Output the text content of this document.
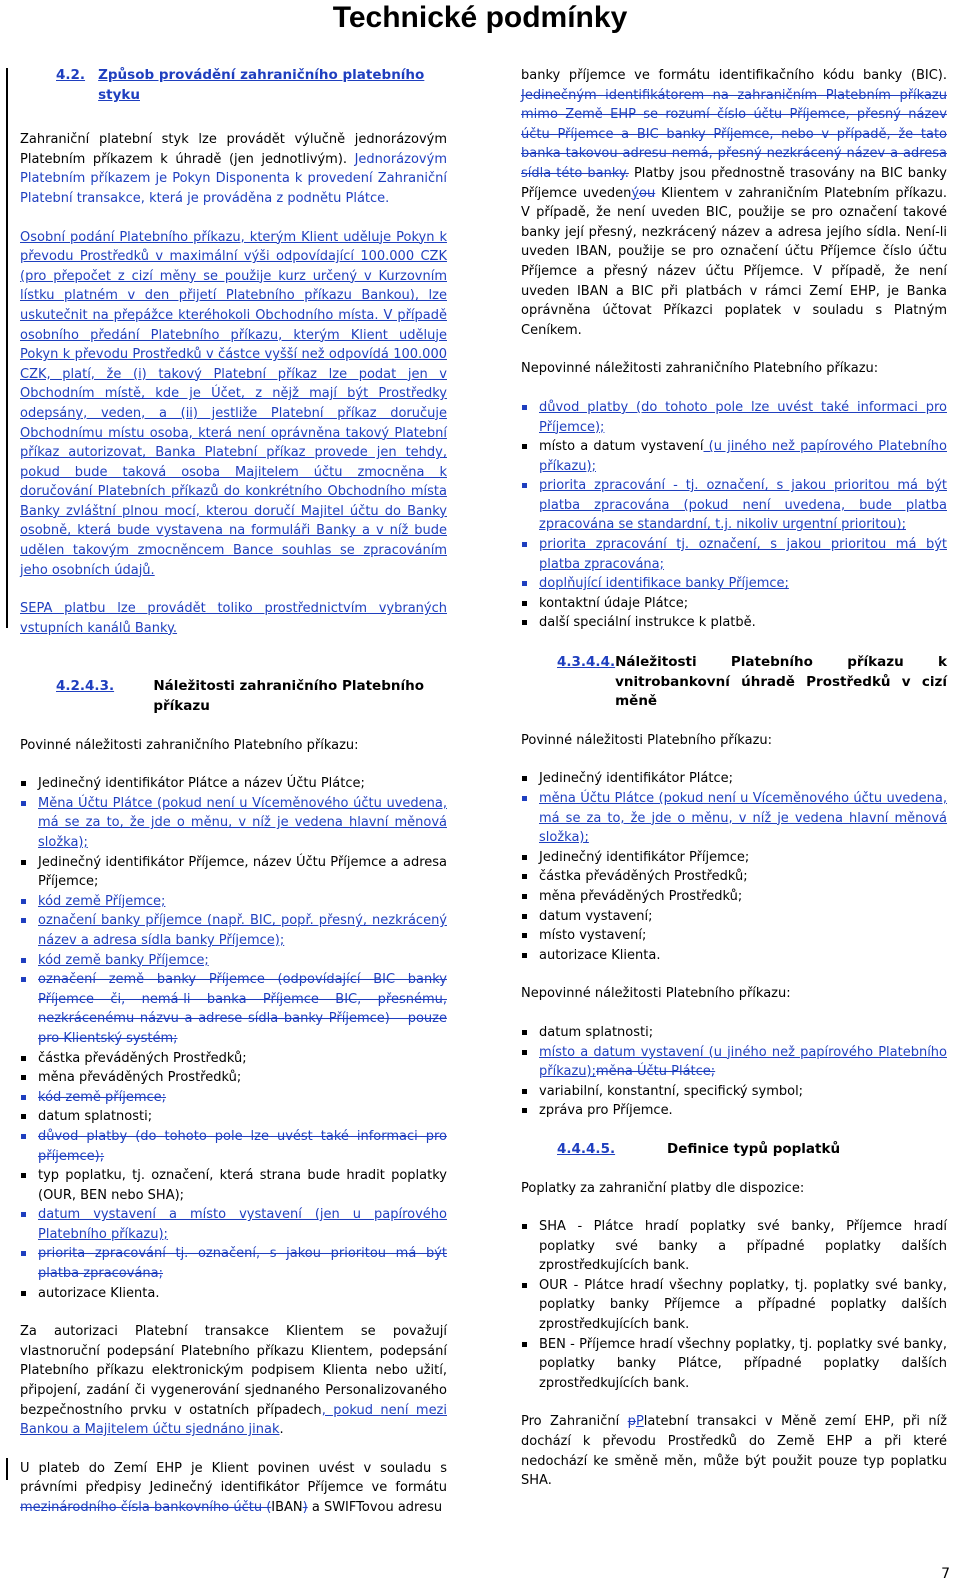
Technické podmínky
4.2. Způsob provádění zahraničního platebního styku

Zahraniční platební styk lze provádět výlučně jednorázovým Platebním příkazem k úhradě (jen jednotlivým). Jednorázovým Platebním příkazem je Pokyn Disponenta k provedení Zahraniční Platební transakce, která je prováděna z podnětu Plátce.

Osobní podání Platebního příkazu, kterým Klient uděluje Pokyn k převodu Prostředků v maximální výši odpovídající 100.000 CZK (pro přepočet z cizí měny se použije kurz určený v Kurzovním lístku platném v den přijetí Platebního příkazu Bankou), lze uskutečnit na přepážce kteréhokoli Obchodního místa. V případě osobního předání Platebního příkazu, kterým Klient uděluje Pokyn k převodu Prostředků v částce vyšší než odpovídá 100.000 CZK, platí, že (i) takový Platební příkaz lze podat jen v Obchodním místě, kde je Účet, z nějž mají být Prostředky odepsány, veden, a (ii) jestliže Platební příkaz doručuje Obchodnímu místu osoba, která není oprávněna takový Platební příkaz autorizovat, Banka Platební příkaz provede jen tehdy, pokud bude taková osoba Majitelem účtu zmocněna k doručování Platebních příkazů do konkrétního Obchodního místa Banky zvláštní plnou mocí, kterou doručí Majitel účtu do Banky osobně, která bude vystavena na formuláři Banky a v níž bude udělen takovým zmocněncem Bance souhlas se zpracováním jeho osobních údajů.

SEPA platbu lze provádět toliko prostřednictvím vybraných vstupních kanálů Banky.

4.2.4.3.	Náležitosti zahraničního Platebního příkazu

Povinné náležitosti zahraničního Platebního příkazu:

Jedinečný identifikátor Plátce a název Účtu Plátce;
Měna Účtu Plátce (pokud není u Víceměnového účtu uvedena, má se za to, že jde o měnu, v níž je vedena hlavní měnová složka);
Jedinečný identifikátor Příjemce, název Účtu Příjemce a adresa Příjemce;
kód země Příjemce;
označení banky příjemce (např. BIC, popř. přesný, nezkrácený název a adresa sídla banky Příjemce);
kód země banky Příjemce;
označení země banky Příjemce (odpovídající BIC banky Příjemce či, nemá-li banka Příjemce BIC, přesnému, nezkrácenému názvu a adrese sídla banky Příjemce) – pouze pro Klientský systém;
částka převáděných Prostředků;
měna převáděných Prostředků;
kód země příjemce;
datum splatnosti;
důvod platby (do tohoto pole lze uvést také informaci pro příjemce);
typ poplatku, tj. označení, která strana bude hradit poplatky (OUR, BEN nebo SHA);
datum vystavení a místo vystavení (jen u papírového Platebního příkazu);
priorita zpracování tj. označení, s jakou prioritou má být platba zpracována;
autorizace Klienta.

Za autorizaci Platební transakce Klientem se považují vlastnoruční podepsání Platebního příkazu Klientem, podepsání Platebního příkazu elektronickým podpisem Klienta nebo užití, připojení, zadání či vygenerování sjednaného Personalizovaného bezpečnostního prvku v ostatních případech, pokud není mezi Bankou a Majitelem účtu sjednáno jinak.

U plateb do Zemí EHP je Klient povinen uvést v souladu s právními předpisy Jedinečný identifikátor Příjemce ve formátu mezinárodního čísla bankovního účtu (IBAN) a SWIFTovou adresu

banky příjemce ve formátu identifikačního kódu banky (BIC). Jedinečným identifikátorem na zahraničním Platebním příkazu mimo Země EHP se rozumí číslo účtu Příjemce, přesný název účtu Příjemce a BIC banky Příjemce, nebo v případě, že tato banka takovou adresu nemá, přesný nezkrácený název a adresa sídla této banky. Platby jsou přednostně trasovány na BIC banky Příjemce uvedenýou Klientem v zahraničním Platebním příkazu. V případě, že není uveden BIC, použije se pro označení takové banky její přesný, nezkrácený název a adresa jejího sídla. Není-li uveden IBAN, použije se pro označení účtu Příjemce číslo účtu Příjemce a přesný název účtu Příjemce. V případě, že není uveden IBAN a BIC při platbách v rámci Zemí EHP, je Banka oprávněna účtovat Příkazci poplatek v souladu s Platným Ceníkem.

Nepovinné náležitosti zahraničního Platebního příkazu:

důvod platby (do tohoto pole lze uvést také informaci pro Příjemce);
místo a datum vystavení (u jiného než papírového Platebního příkazu);
priorita zpracování - tj. označení, s jakou prioritou má být platba zpracována (pokud není uvedena, bude platba zpracována se standardní, t.j. nikoliv urgentní prioritou);
priorita zpracování tj. označení, s jakou prioritou má být platba zpracována;
doplňující identifikace banky Příjemce;
kontaktní údaje Plátce;
další speciální instrukce k platbě.
4.3.4.4. Náležitosti Platebního příkazu k vnitrobankovní úhradě Prostředků v cizí měně

Povinné náležitosti Platebního příkazu:

Jedinečný identifikátor Plátce;
měna Účtu Plátce (pokud není u Víceměnového účtu uvedena, má se za to, že jde o měnu, v níž je vedena hlavní měnová složka);
Jedinečný identifikátor Příjemce;
částka převáděných Prostředků;
měna převáděných Prostředků;
datum vystavení;
místo vystavení;
autorizace Klienta.

Nepovinné náležitosti Platebního příkazu:

datum splatnosti;
místo a datum vystavení (u jiného než papírového Platebního příkazu);měna Účtu Plátce;
variabilní, konstantní, specifický symbol;
zpráva pro Příjemce.
4.4.4.5.	Definice typů poplatků

Poplatky za zahraniční platby dle dispozice:

SHA - Plátce hradí poplatky své banky, Příjemce hradí poplatky své banky a případné poplatky dalších zprostředkujících bank.
OUR - Plátce hradí všechny poplatky, tj. poplatky své banky, poplatky banky Příjemce a případné poplatky dalších zprostředkujících bank.
BEN - Příjemce hradí všechny poplatky, tj. poplatky své banky, poplatky banky Plátce, případné poplatky dalších zprostředkujících bank.

Pro Zahraniční pPlatební transakci v Měně zemí EHP, při níž dochází k převodu Prostředků do Země EHP a při které nedochází ke směně měn, může být použit pouze typ poplatku SHA.

7
